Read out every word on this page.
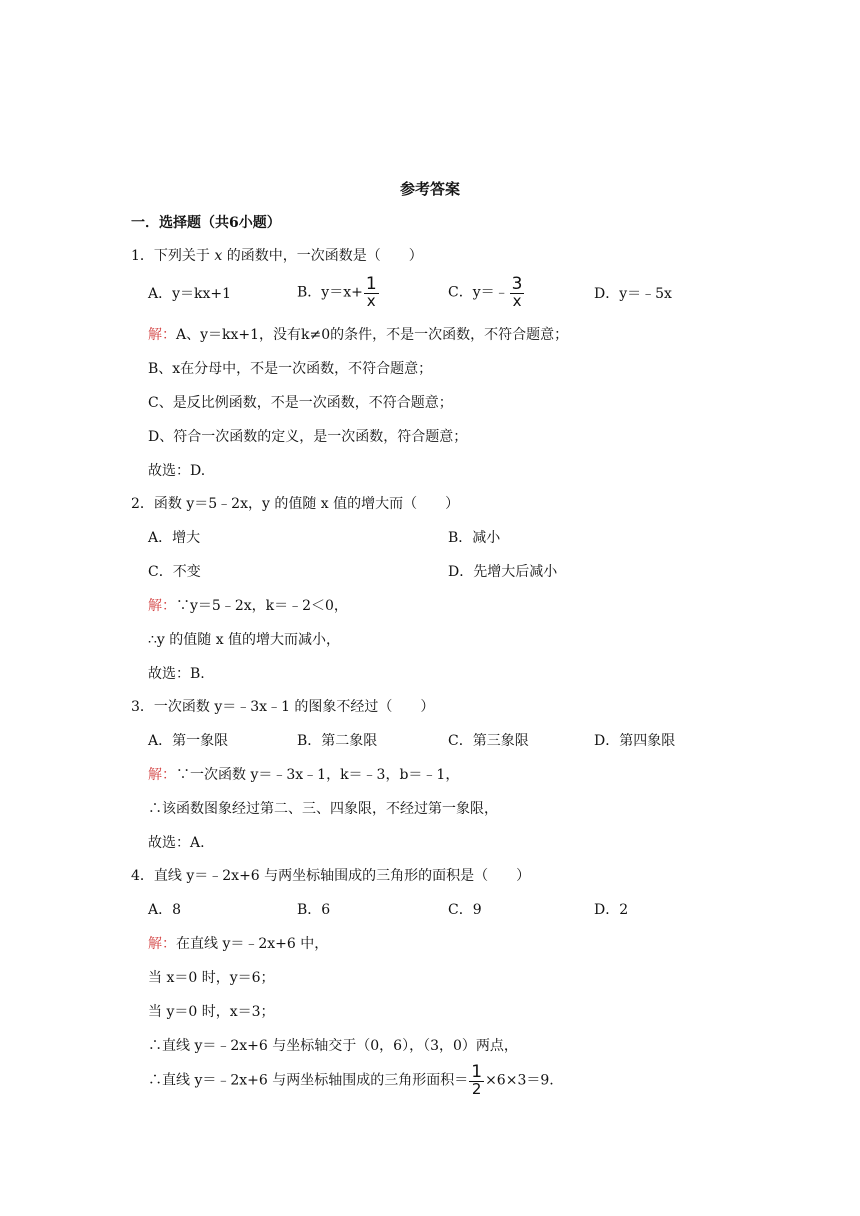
参考答案
一．选择题（共6小题）
1．下列关于 x 的函数中，一次函数是（　　）
A．y＝kx+1	B．$y=x+ \frac{1}{x}$	C．y＝﹣ $\frac{3}{x}$	D．y＝﹣5x
解：A、y＝kx+1，没有k≠0的条件，不是一次函数，不符合题意；
B、x在分母中，不是一次函数，不符合题意；
C、是反比例函数，不是一次函数，不符合题意；
D、符合一次函数的定义，是一次函数，符合题意；
故选：D.
2．函数 y＝5﹣2x，y 的值随 x 值的增大而（　　）
A．增大	B．减小
C．不变	D．先增大后减小
解：∵y＝5﹣2x，k＝﹣2＜0，
∴y 的值随 x 值的增大而减小，
故选：B.
3．一次函数 y＝﹣3x﹣1 的图象不经过（　　）
A．第一象限	B．第二象限	C．第三象限	D．第四象限
解：∵一次函数 y＝﹣3x﹣1，k＝﹣3，b＝﹣1，
∴该函数图象经过第二、三、四象限，不经过第一象限，
故选：A.
4．直线 y＝﹣2x+6 与两坐标轴围成的三角形的面积是（　　）
A．8	B．6	C．9	D．2
解：在直线 y＝﹣2x+6 中，
当 x＝0 时，y＝6；
当 y＝0 时，x＝3；
∴直线 y＝﹣2x+6 与坐标轴交于（0，6），（3，0）两点，
∴直线 y＝﹣2x+6 与两坐标轴围成的三角形面积＝ $\frac{1}{2} \times 6\times 3=9$.
